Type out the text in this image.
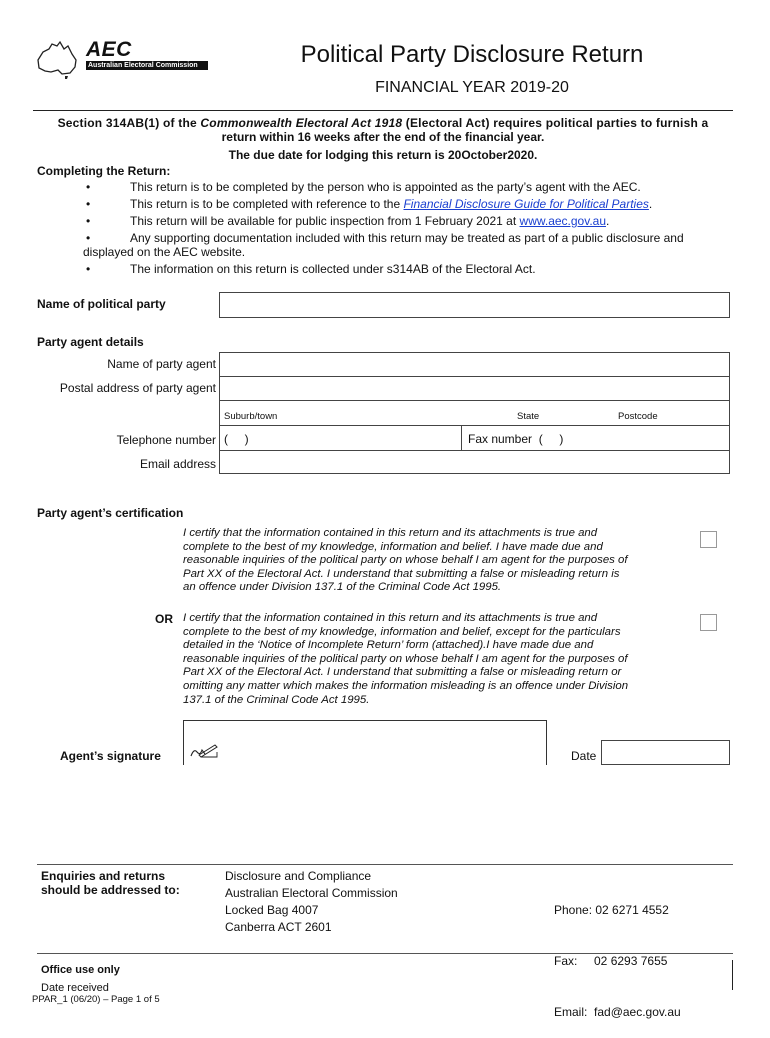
AEC
Australian Electoral Commission	Political Party Disclosure Return
FINANCIAL YEAR 2019-20
Section 314AB(1) of the Commonwealth Electoral Act 1918 (Electoral Act) requires political parties to furnish a
return within 16 weeks after the end of the financial year.
The due date for lodging this return is 20October2020.
Completing the Return:
•	This return is to be completed by the person who is appointed as the party’s agent with the AEC.
•	This return is to be completed with reference to the Financial Disclosure Guide for Political Parties.
•	This return will be available for public inspection from 1 February 2021 at www.aec.gov.au.
•	Any supporting documentation included with this return may be treated as part of a public disclosure and
displayed on the AEC website.
•	The information on this return is collected under s314AB of the Electoral Act.
Name of political party
Party agent details
Name of party agent
Postal address of party agent
Suburb/town	State	Postcode
Telephone number (     )	Fax number  (     )
Email address
Party agent’s certification
I certify that the information contained in this return and its attachments is true and
complete to the best of my knowledge, information and belief. I have made due and
reasonable inquiries of the political party on whose behalf I am agent for the purposes of
Part XX of the Electoral Act. I understand that submitting a false or misleading return is
an offence under Division 137.1 of the Criminal Code Act 1995.
OR I certify that the information contained in this return and its attachments is true and
complete to the best of my knowledge, information and belief, except for the particulars
detailed in the ‘Notice of Incomplete Return’ form (attached).I have made due and
reasonable inquiries of the political party on whose behalf I am agent for the purposes of
Part XX of the Electoral Act. I understand that submitting a false or misleading return or
omitting any matter which makes the information misleading is an offence under Division
137.1 of the Criminal Code Act 1995.
Agent’s signature	Date
Enquiries and returns
should be addressed to:
Disclosure and Compliance
Australian Electoral Commission
Locked Bag 4007
Canberra ACT 2601

Phone: 02 6271 4552

Fax:     02 6293 7655

Email:  fad@aec.gov.au

Office use only
Date received
PPAR_1 (06/20) – Page 1 of 5
